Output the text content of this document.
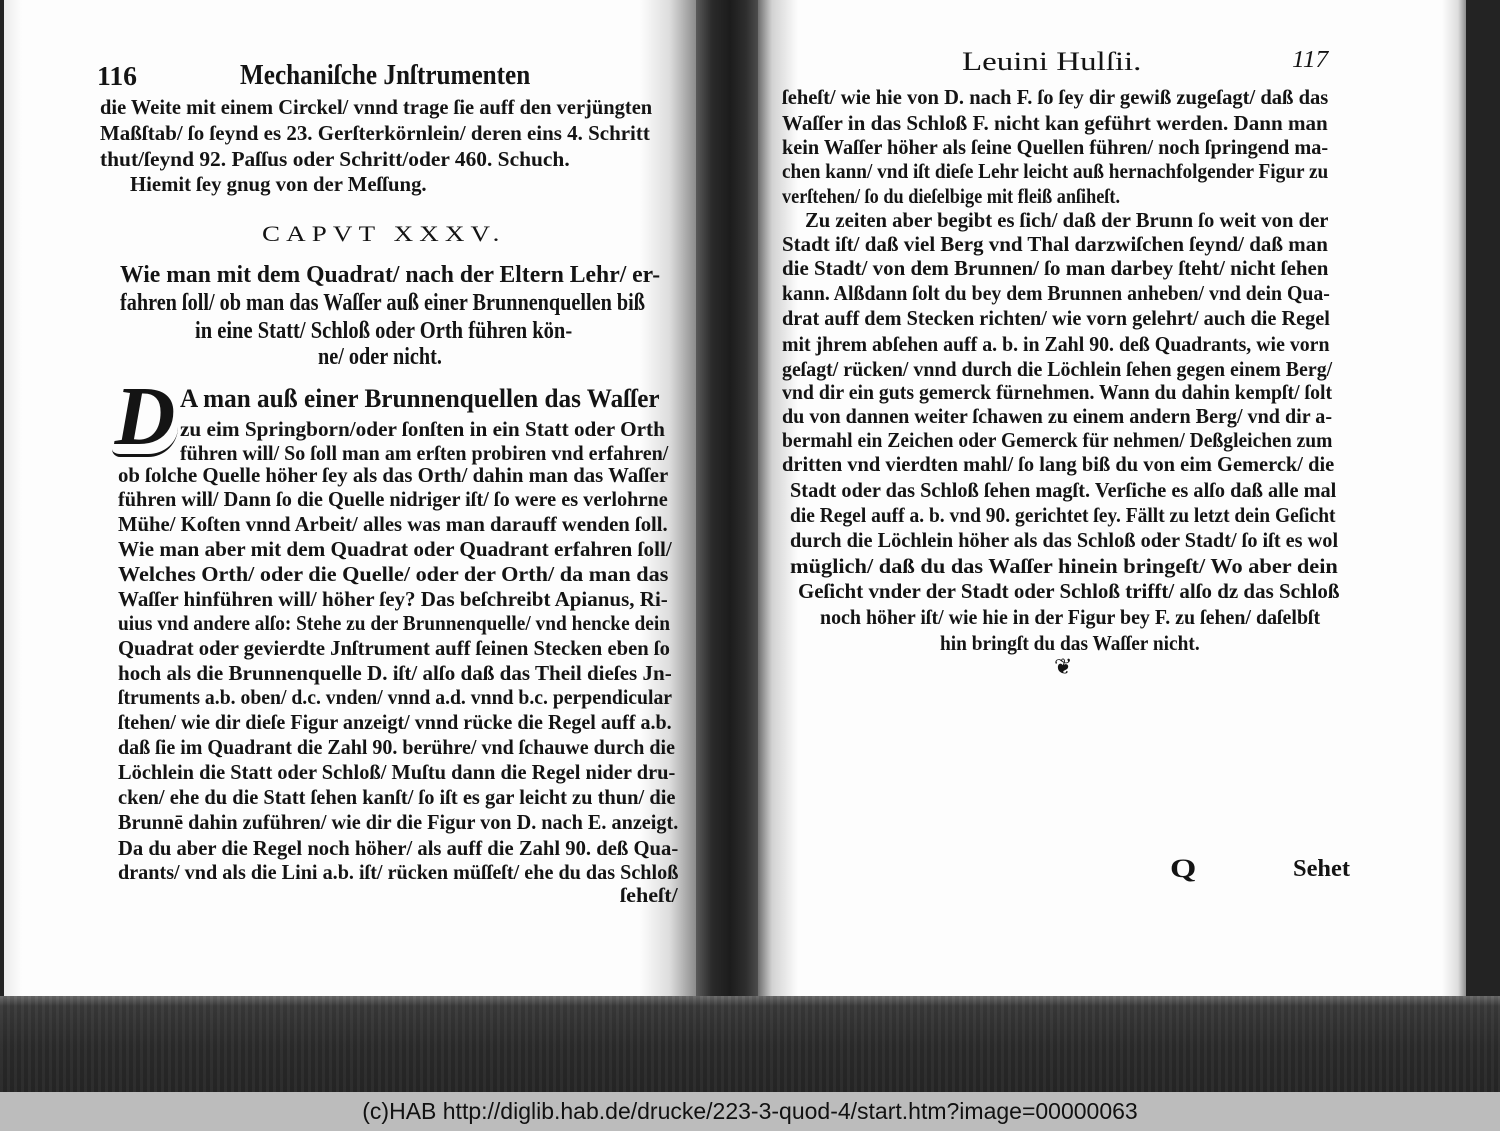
116	Mechaniſche Jnſtrumenten	Leuini Hulſii.	117
CAPVT XXXV.
D
❦
Q	Sehet
die Weite mit einem Circkel/ vnnd trage ſie auff den verjüngten
Maßſtab/ ſo ſeynd es 23. Gerſterkörnlein/ deren eins 4. Schritt
thut/ſeynd 92. Paſſus oder Schritt/oder 460. Schuch.
Hiemit ſey gnug von der Meſſung.
Wie man mit dem Quadrat/ nach der Eltern Lehr/ er-
fahren ſoll/ ob man das Waſſer auß einer Brunnenquellen biß
in eine Statt/ Schloß oder Orth führen kön-
ne/ oder nicht.
A man auß einer Brunnenquellen das Waſſer
zu eim Springborn/oder ſonſten in ein Statt oder Orth
führen will/ So ſoll man am erſten probiren vnd erfahren/
ob ſolche Quelle höher ſey als das Orth/ dahin man das Waſſer
führen will/ Dann ſo die Quelle nidriger iſt/ ſo were es verlohrne
Mühe/ Koſten vnnd Arbeit/ alles was man darauff wenden ſoll.
Wie man aber mit dem Quadrat oder Quadrant erfahren ſoll/
Welches Orth/ oder die Quelle/ oder der Orth/ da man das
Waſſer hinführen will/ höher ſey? Das beſchreibt Apianus, Ri-
uius vnd andere alſo: Stehe zu der Brunnenquelle/ vnd hencke dein
Quadrat oder gevierdte Jnſtrument auff ſeinen Stecken eben ſo
hoch als die Brunnenquelle D. iſt/ alſo daß das Theil dieſes Jn-
ſtruments a.b. oben/ d.c. vnden/ vnnd a.d. vnnd b.c. perpendicular
ſtehen/ wie dir dieſe Figur anzeigt/ vnnd rücke die Regel auff a.b.
daß ſie im Quadrant die Zahl 90. berühre/ vnd ſchauwe durch die
Löchlein die Statt oder Schloß/ Muſtu dann die Regel nider dru-
cken/ ehe du die Statt ſehen kanſt/ ſo iſt es gar leicht zu thun/ die
Brunnē dahin zuführen/ wie dir die Figur von D. nach E. anzeigt.
Da du aber die Regel noch höher/ als auff die Zahl 90. deß Qua-
drants/ vnd als die Lini a.b. iſt/ rücken müſſeſt/ ehe du das Schloß
ſeheſt/
ſeheſt/ wie hie von D. nach F. ſo ſey dir gewiß zugeſagt/ daß das
Waſſer in das Schloß F. nicht kan geführt werden. Dann man
kein Waſſer höher als ſeine Quellen führen/ noch ſpringend ma-
chen kann/ vnd iſt dieſe Lehr leicht auß hernachfolgender Figur zu
verſtehen/ ſo du dieſelbige mit fleiß anſiheſt.
Zu zeiten aber begibt es ſich/ daß der Brunn ſo weit von der
Stadt iſt/ daß viel Berg vnd Thal darzwiſchen ſeynd/ daß man
die Stadt/ von dem Brunnen/ ſo man darbey ſteht/ nicht ſehen
kann. Alßdann ſolt du bey dem Brunnen anheben/ vnd dein Qua-
drat auff dem Stecken richten/ wie vorn gelehrt/ auch die Regel
mit jhrem abſehen auff a. b. in Zahl 90. deß Quadrants, wie vorn
geſagt/ rücken/ vnnd durch die Löchlein ſehen gegen einem Berg/
vnd dir ein guts gemerck fürnehmen. Wann du dahin kempſt/ ſolt
du von dannen weiter ſchawen zu einem andern Berg/ vnd dir a-
bermahl ein Zeichen oder Gemerck für nehmen/ Deßgleichen zum
dritten vnd vierdten mahl/ ſo lang biß du von eim Gemerck/ die
Stadt oder das Schloß ſehen magſt. Verſiche es alſo daß alle mal
die Regel auff a. b. vnd 90. gerichtet ſey. Fällt zu letzt dein Geſicht
durch die Löchlein höher als das Schloß oder Stadt/ ſo iſt es wol
müglich/ daß du das Waſſer hinein bringeſt/ Wo aber dein
Geſicht vnder der Stadt oder Schloß trifft/ alſo dz das Schloß
noch höher iſt/ wie hie in der Figur bey F. zu ſehen/ daſelbſt
hin bringſt du das Waſſer nicht.
(c)HAB http://diglib.hab.de/drucke/223-3-quod-4/start.htm?image=00000063
